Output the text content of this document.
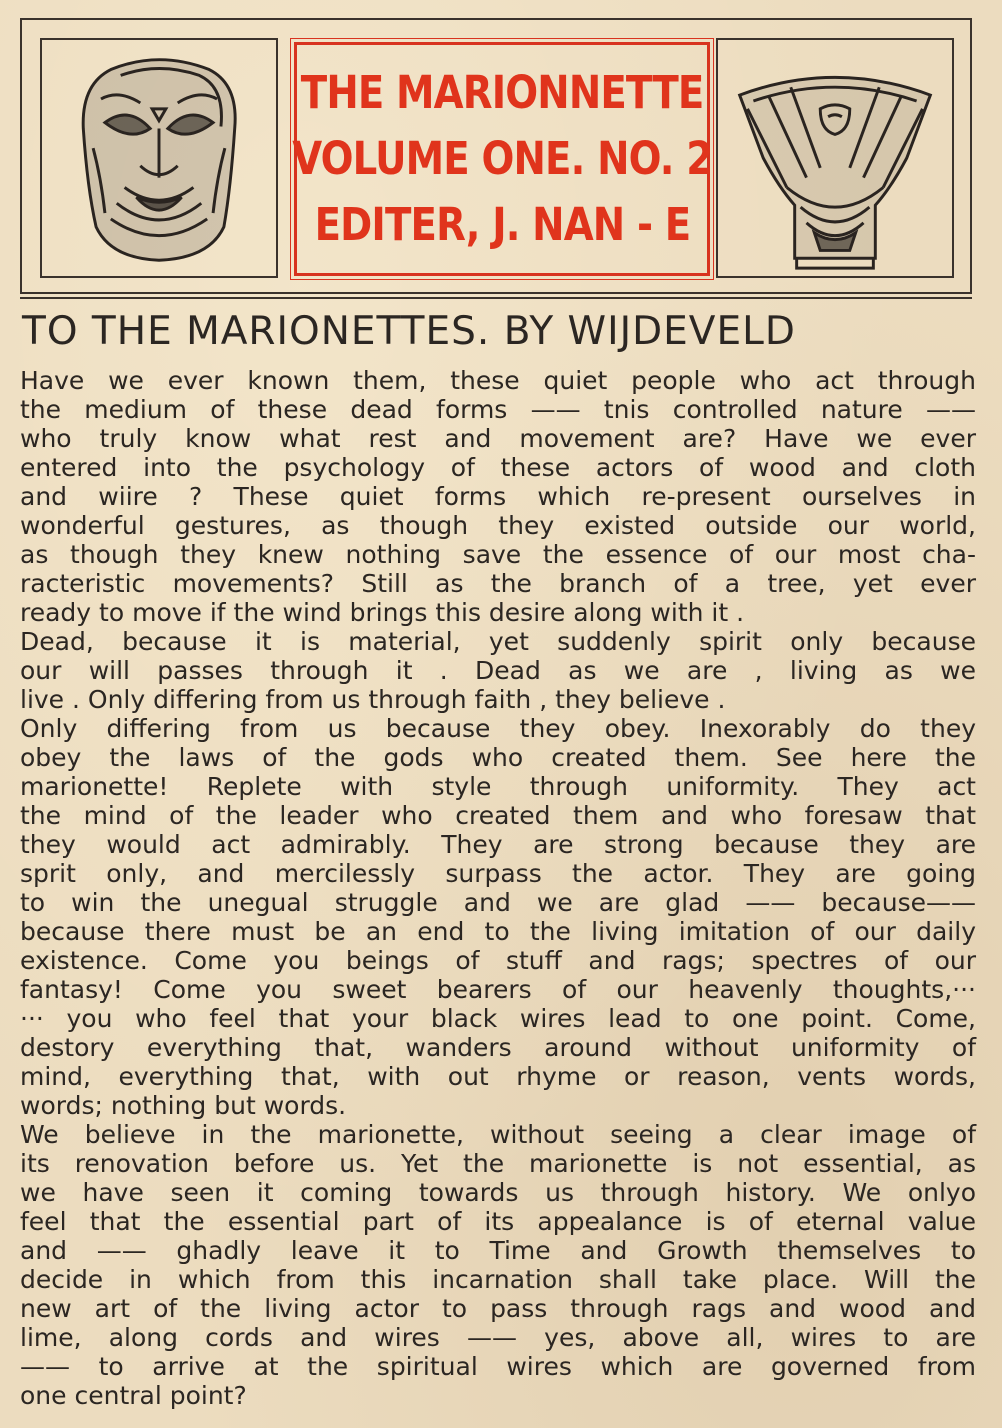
THE MARIONNETTE
VOLUME ONE. NO. 2
EDITER, J. NAN - E
TO THE MARIONETTES. BY WIJDEVELD
Have we ever known them, these quiet people who act through
the medium of these dead forms —— tnis controlled nature ——
who truly know what rest and movement are? Have we ever
entered into the psychology of these actors of wood and cloth
and wiire ? These quiet forms which re-present ourselves in
wonderful gestures, as though they existed outside our world,
as though they knew nothing save the essence of our most cha-
racteristic movements? Still as the branch of a tree, yet ever
ready to move if the wind brings this desire along with it .
Dead, because it is material, yet suddenly spirit only because
our will passes through it . Dead as we are , living as we
live . Only differing from us through faith , they believe .
Only differing from us because they obey. Inexorably do they
obey the laws of the gods who created them. See here the
marionette! Replete with style through uniformity. They act
the mind of the leader who created them and who foresaw that
they would act admirably. They are strong because they are
sprit only, and mercilessly surpass the actor. They are going
to win the unegual struggle and we are glad —— because——
because there must be an end to the living imitation of our daily
existence. Come you beings of stuff and rags; spectres of our
fantasy! Come you sweet bearers of our heavenly thoughts,···
··· you who feel that your black wires lead to one point. Come,
destory everything that, wanders around without uniformity of
mind, everything that, with out rhyme or reason, vents words,
words; nothing but words.
We believe in the marionette, without seeing a clear image of
its renovation before us. Yet the marionette is not essential, as
we have seen it coming towards us through history. We onlyo
feel that the essential part of its appealance is of eternal value
and —— ghadly leave it to Time and Growth themselves to
decide in which from this incarnation shall take place. Will the
new art of the living actor to pass through rags and wood and
lime, along cords and wires —— yes, above all, wires to are
—— to arrive at the spiritual wires which are governed from
one central point?
